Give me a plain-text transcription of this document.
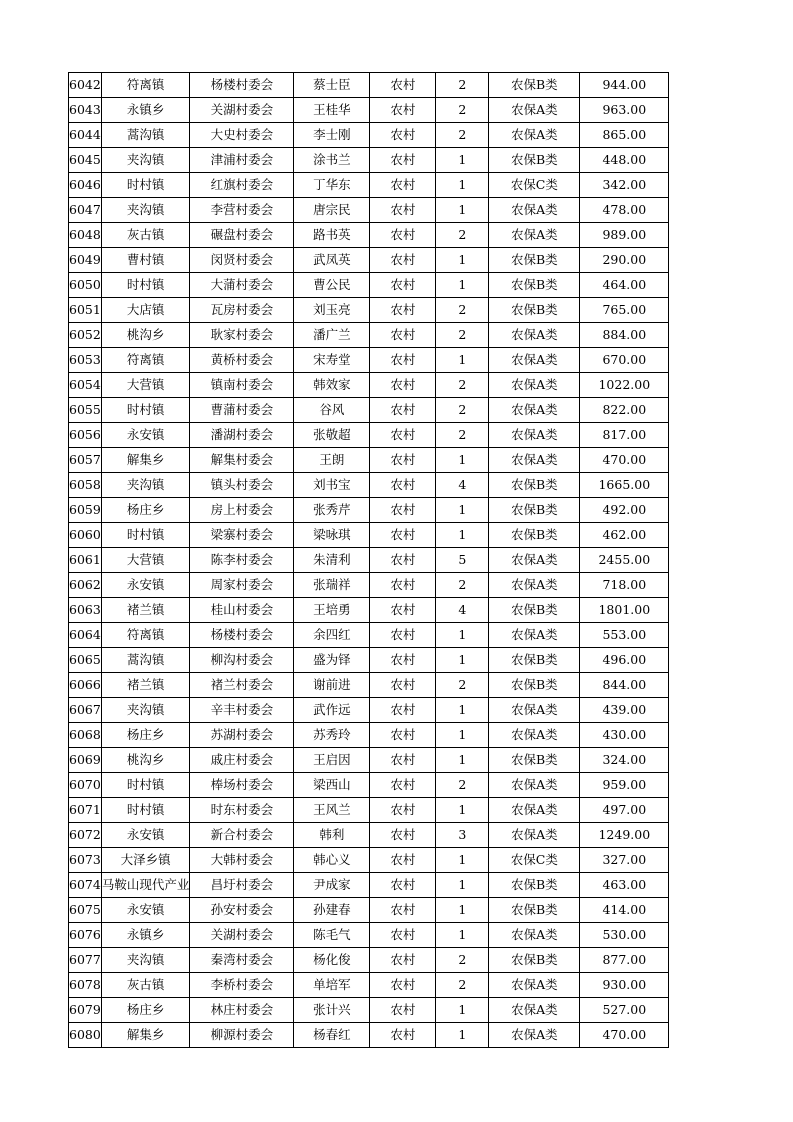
6042	符离镇	杨楼村委会	蔡士臣	农村	2	农保B类	944.00
6043	永镇乡	关湖村委会	王桂华	农村	2	农保A类	963.00
6044	蒿沟镇	大史村委会	李士刚	农村	2	农保A类	865.00
6045	夹沟镇	津浦村委会	涂书兰	农村	1	农保B类	448.00
6046	时村镇	红旗村委会	丁华东	农村	1	农保C类	342.00
6047	夹沟镇	李营村委会	唐宗民	农村	1	农保A类	478.00
6048	灰古镇	碾盘村委会	路书英	农村	2	农保A类	989.00
6049	曹村镇	闵贤村委会	武凤英	农村	1	农保B类	290.00
6050	时村镇	大蒲村委会	曹公民	农村	1	农保B类	464.00
6051	大店镇	瓦房村委会	刘玉亮	农村	2	农保B类	765.00
6052	桃沟乡	耿家村委会	潘广兰	农村	2	农保A类	884.00
6053	符离镇	黄桥村委会	宋寿堂	农村	1	农保A类	670.00
6054	大营镇	镇南村委会	韩效家	农村	2	农保A类	1022.00
6055	时村镇	曹蒲村委会	谷风	农村	2	农保A类	822.00
6056	永安镇	潘湖村委会	张敬超	农村	2	农保A类	817.00
6057	解集乡	解集村委会	王朗	农村	1	农保A类	470.00
6058	夹沟镇	镇头村委会	刘书宝	农村	4	农保B类	1665.00
6059	杨庄乡	房上村委会	张秀芹	农村	1	农保B类	492.00
6060	时村镇	梁寨村委会	梁咏琪	农村	1	农保B类	462.00
6061	大营镇	陈李村委会	朱清利	农村	5	农保A类	2455.00
6062	永安镇	周家村委会	张瑞祥	农村	2	农保A类	718.00
6063	褚兰镇	桂山村委会	王培勇	农村	4	农保B类	1801.00
6064	符离镇	杨楼村委会	余四红	农村	1	农保A类	553.00
6065	蒿沟镇	柳沟村委会	盛为铎	农村	1	农保B类	496.00
6066	褚兰镇	褚兰村委会	谢前进	农村	2	农保B类	844.00
6067	夹沟镇	辛丰村委会	武作远	农村	1	农保A类	439.00
6068	杨庄乡	苏湖村委会	苏秀玲	农村	1	农保A类	430.00
6069	桃沟乡	戚庄村委会	王启因	农村	1	农保B类	324.00
6070	时村镇	棒场村委会	梁西山	农村	2	农保A类	959.00
6071	时村镇	时东村委会	王风兰	农村	1	农保A类	497.00
6072	永安镇	新合村委会	韩利	农村	3	农保A类	1249.00
6073	大泽乡镇	大韩村委会	韩心义	农村	1	农保C类	327.00
6074	马鞍山现代产业	昌圩村委会	尹成家	农村	1	农保B类	463.00
6075	永安镇	孙安村委会	孙建春	农村	1	农保B类	414.00
6076	永镇乡	关湖村委会	陈毛气	农村	1	农保A类	530.00
6077	夹沟镇	秦湾村委会	杨化俊	农村	2	农保B类	877.00
6078	灰古镇	李桥村委会	单培军	农村	2	农保A类	930.00
6079	杨庄乡	林庄村委会	张计兴	农村	1	农保A类	527.00
6080	解集乡	柳源村委会	杨春红	农村	1	农保A类	470.00
